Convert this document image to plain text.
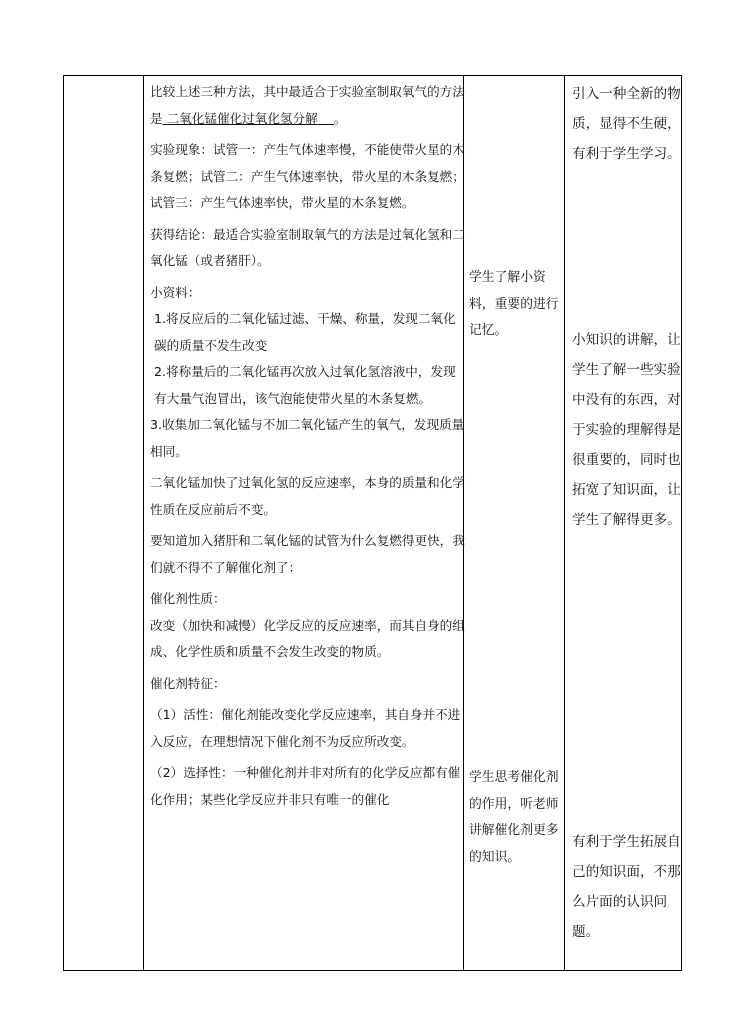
比较上述三种方法，其中最适合于实验室制取氧气的方法是 二氧化锰催化过氧化氢分解 。

实验现象：试管一：产生气体速率慢，不能使带火星的木条复燃；试管二：产生气体速率快，带火星的木条复燃；试管三：产生气体速率快，带火星的木条复燃。

获得结论：最适合实验室制取氧气的方法是过氧化氢和二氧化锰（或者猪肝）。

小资料：

1.将反应后的二氧化锰过滤、干燥、称量，发现二氧化碳的质量不发生改变

2.将称量后的二氧化锰再次放入过氧化氢溶液中，发现有大量气泡冒出，该气泡能使带火星的木条复燃。

3.收集加二氧化锰与不加二氧化锰产生的氧气，发现质量相同。

二氧化锰加快了过氧化氢的反应速率，本身的质量和化学性质在反应前后不变。

要知道加入猪肝和二氧化锰的试管为什么复燃得更快，我们就不得不了解催化剂了：

催化剂性质：

改变（加快和减慢）化学反应的反应速率，而其自身的组成、化学性质和质量不会发生改变的物质。

催化剂特征：

（1）活性：催化剂能改变化学反应速率，其自身并不进入反应，在理想情况下催化剂不为反应所改变。

（2）选择性：一种催化剂并非对所有的化学反应都有催化作用；某些化学反应并非只有唯一的催化

学生了解小资料，重要的进行记忆。

学生思考催化剂的作用，听老师讲解催化剂更多的知识。

引入一种全新的物质，显得不生硬，有利于学生学习。

小知识的讲解，让学生了解一些实验中没有的东西，对于实验的理解得是很重要的，同时也拓宽了知识面，让学生了解得更多。

有利于学生拓展自己的知识面，不那么片面的认识问题。
